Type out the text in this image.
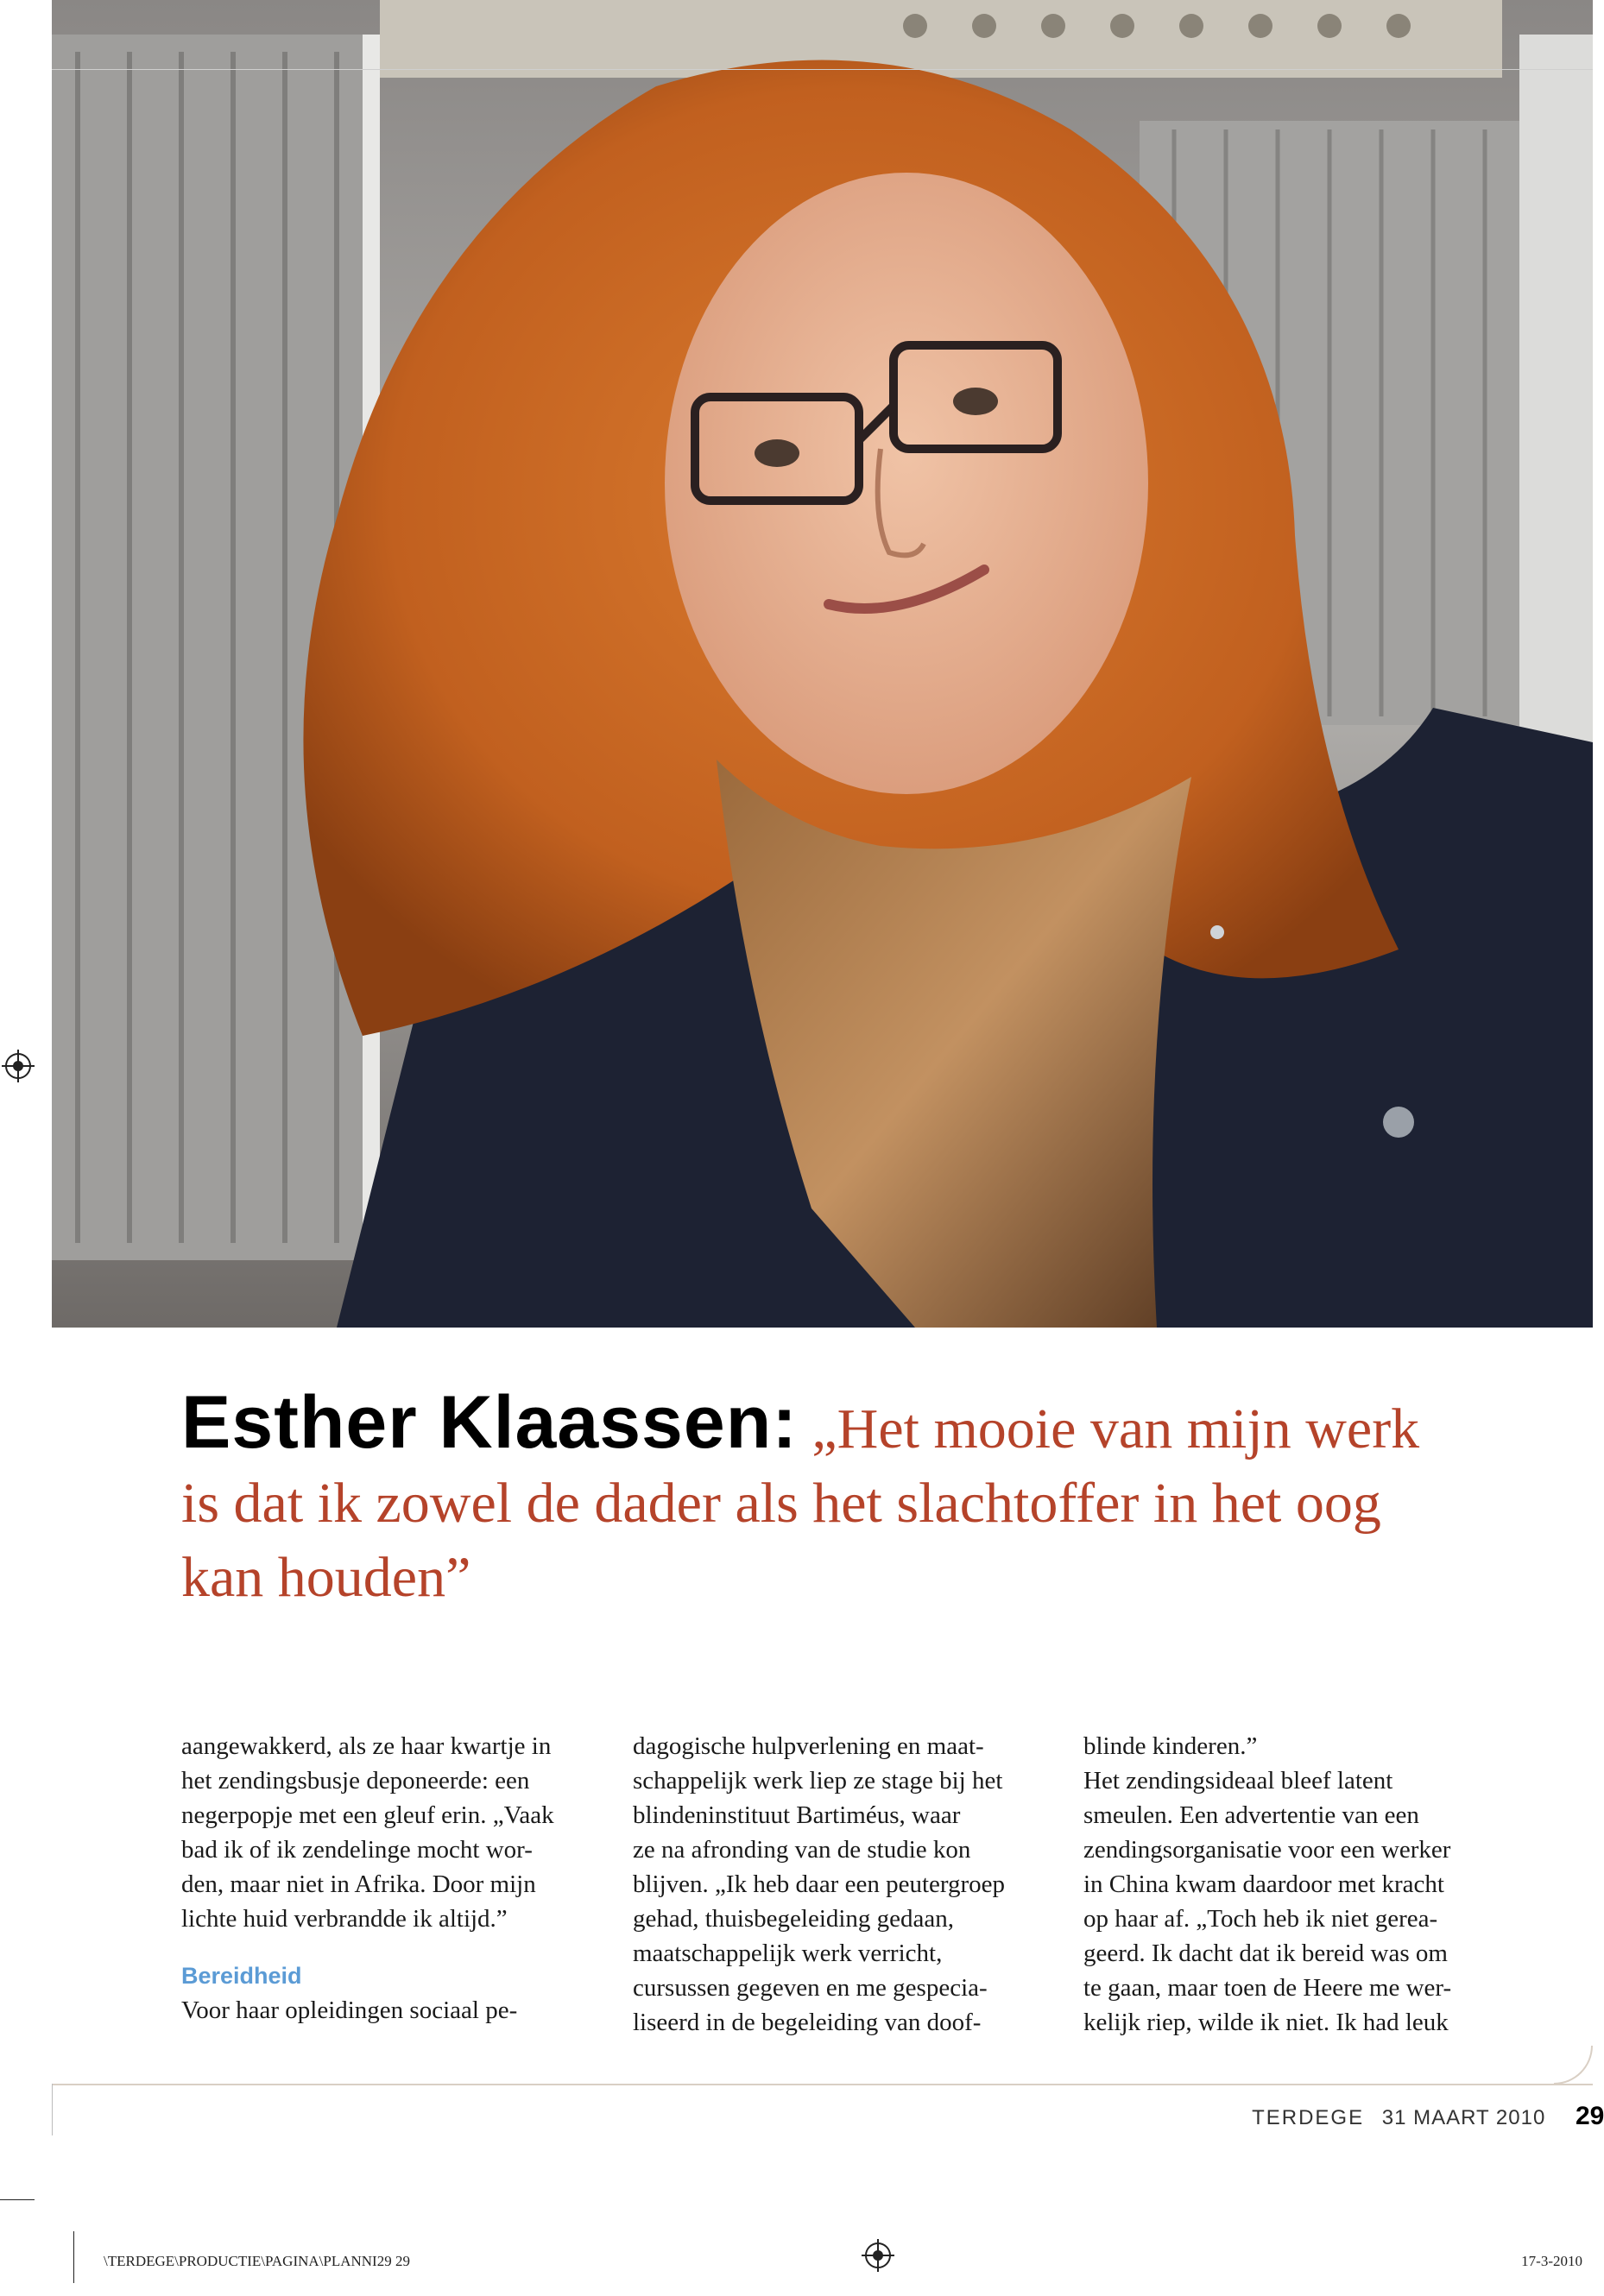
Esther Klaassen: „Het mooie van mijn werk is dat ik zowel de dader als het slachtoffer in het oog kan houden”

aangewakkerd, als ze haar kwartje in
het zendingsbusje deponeerde: een
negerpopje met een gleuf erin. „Vaak
bad ik of ik zendelinge mocht wor-
den, maar niet in Afrika. Door mijn
lichte huid verbrandde ik altijd.”

Bereidheid

Voor haar opleidingen sociaal pe-

dagogische hulpverlening en maat-
schappelijk werk liep ze stage bij het
blindeninstituut Bartiméus, waar
ze na afronding van de studie kon
blijven. „Ik heb daar een peutergroep
gehad, thuisbegeleiding gedaan,
maatschappelijk werk verricht,
cursussen gegeven en me gespecia-
liseerd in de begeleiding van doof-

blinde kinderen.”
Het zendingsideaal bleef latent
smeulen. Een advertentie van een
zendingsorganisatie voor een werker
in China kwam daardoor met kracht
op haar af. „Toch heb ik niet gerea-
geerd. Ik dacht dat ik bereid was om
te gaan, maar toen de Heere me wer-
kelijk riep, wilde ik niet. Ik had leuk

TERDEGE 31 MAART 2010 29
\TERDEGE\PRODUCTIE\PAGINA\PLANNI29 29	17-3-2010
